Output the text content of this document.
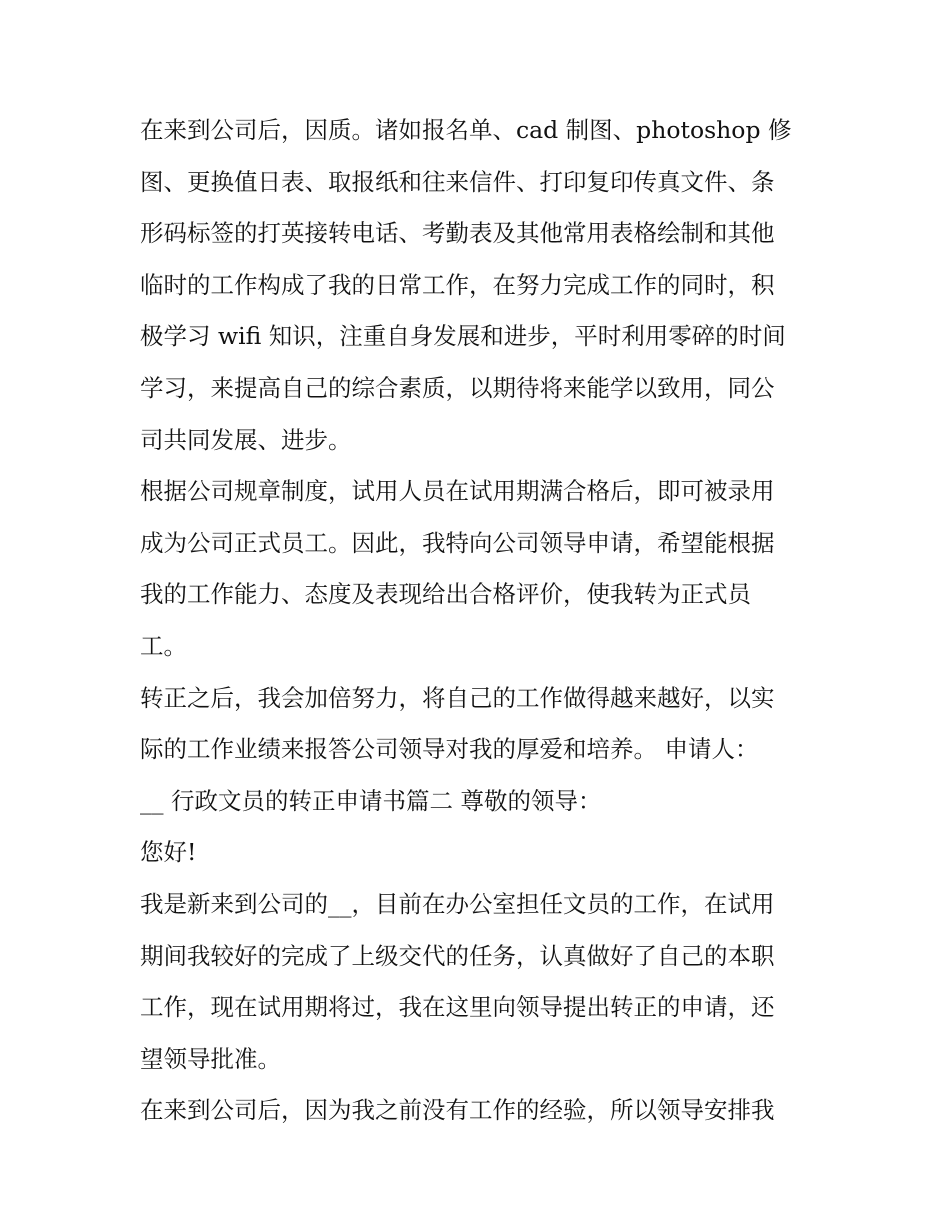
在来到公司后，因质。诸如报名单、cad 制图、photoshop 修
图、更换值日表、取报纸和往来信件、打印复印传真文件、条
形码标签的打英接转电话、考勤表及其他常用表格绘制和其他
临时的工作构成了我的日常工作，在努力完成工作的同时，积
极学习 wifi 知识，注重自身发展和进步，平时利用零碎的时间
学习，来提高自己的综合素质，以期待将来能学以致用，同公
司共同发展、进步。
根据公司规章制度，试用人员在试用期满合格后，即可被录用
成为公司正式员工。因此，我特向公司领导申请，希望能根据
我的工作能力、态度及表现给出合格评价，使我转为正式员
工。
转正之后，我会加倍努力，将自己的工作做得越来越好，以实
际的工作业绩来报答公司领导对我的厚爱和培养。 申请人：
__ 行政文员的转正申请书篇二 尊敬的领导：
您好!
我是新来到公司的__，目前在办公室担任文员的工作，在试用
期间我较好的完成了上级交代的任务，认真做好了自己的本职
工作，现在试用期将过，我在这里向领导提出转正的申请，还
望领导批准。
在来到公司后，因为我之前没有工作的经验，所以领导安排我
